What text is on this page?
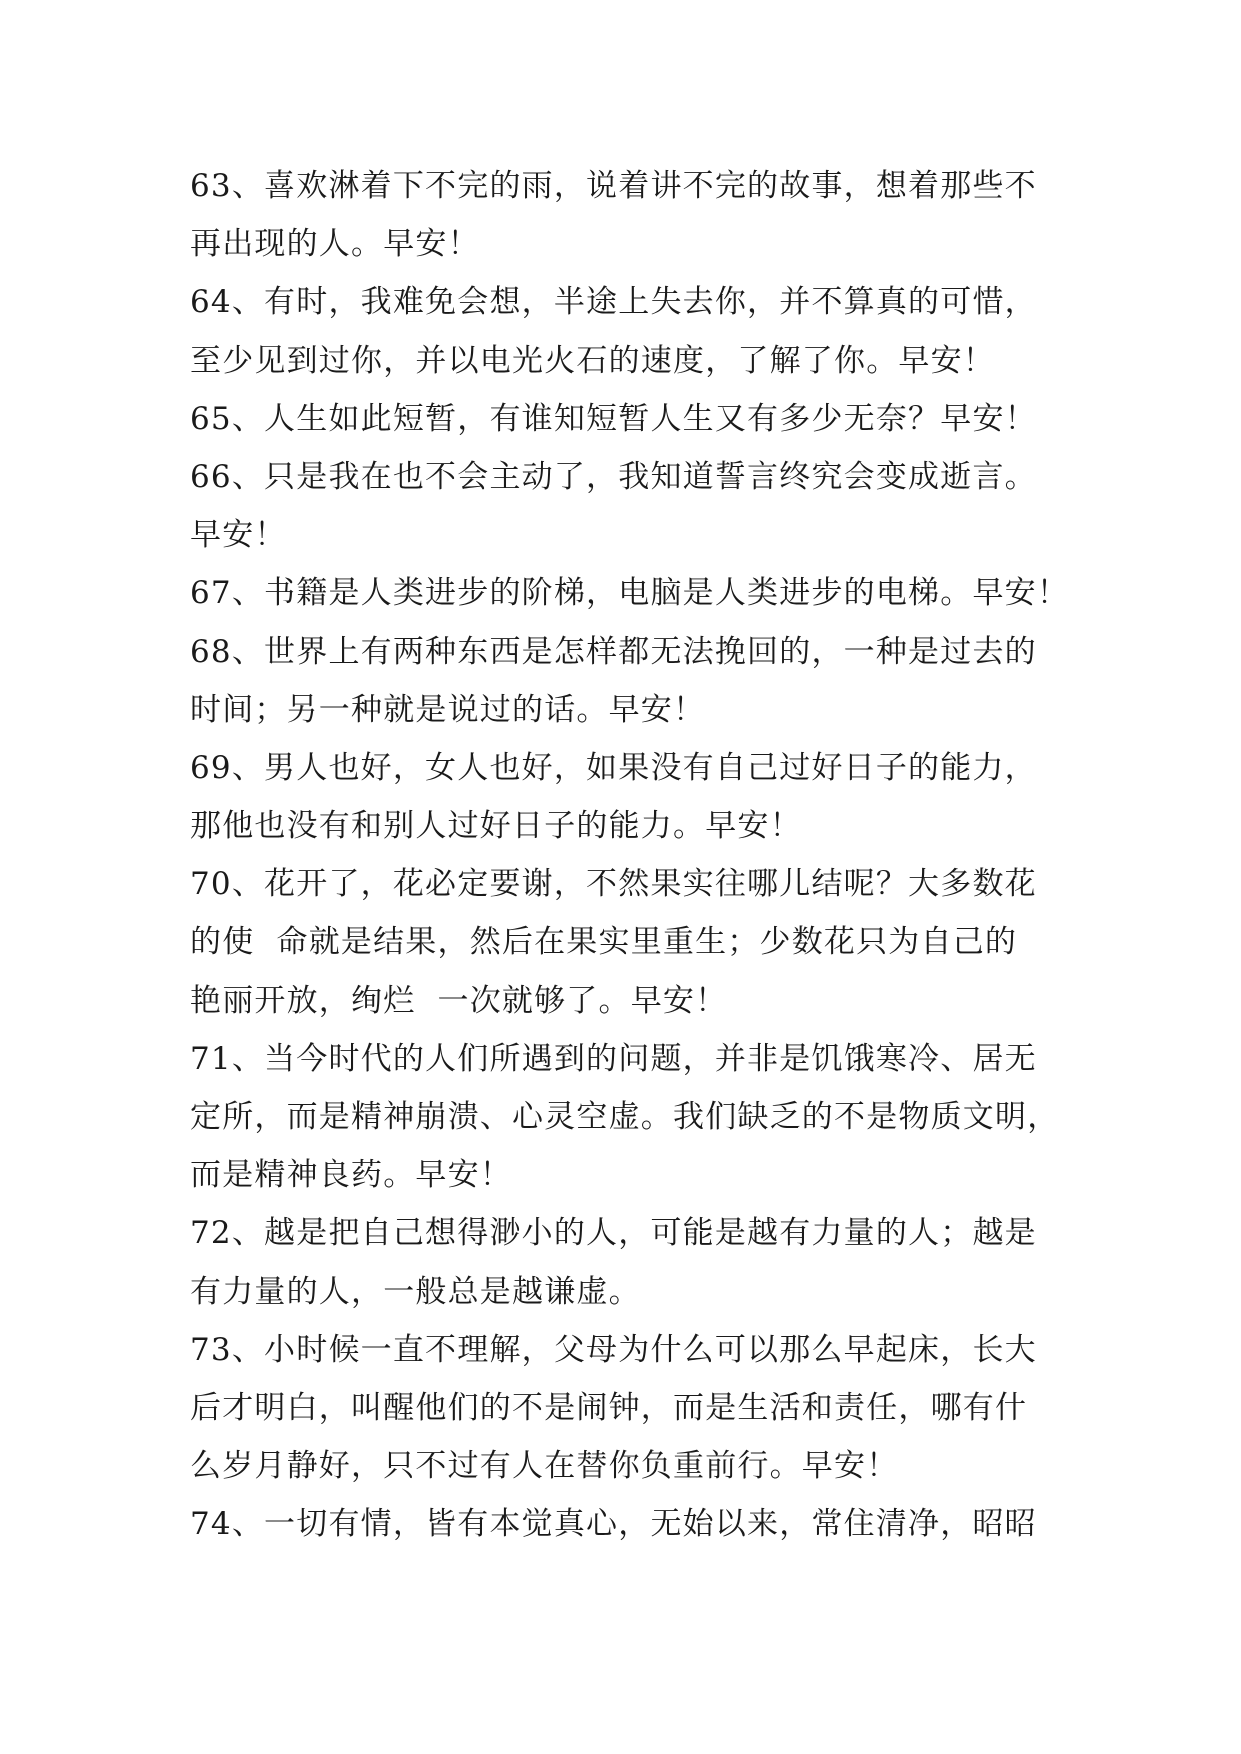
63、喜欢淋着下不完的雨，说着讲不完的故事，想着那些不
再出现的人。早安！
64、有时，我难免会想，半途上失去你，并不算真的可惜，
至少见到过你，并以电光火石的速度，了解了你。早安！
65、人生如此短暂，有谁知短暂人生又有多少无奈？早安！
66、只是我在也不会主动了，我知道誓言终究会变成逝言。
早安！
67、书籍是人类进步的阶梯，电脑是人类进步的电梯。早安！
68、世界上有两种东西是怎样都无法挽回的，一种是过去的
时间；另一种就是说过的话。早安！
69、男人也好，女人也好，如果没有自己过好日子的能力，
那他也没有和别人过好日子的能力。早安！
70、花开了，花必定要谢，不然果实往哪儿结呢？大多数花
的使  命就是结果，然后在果实里重生；少数花只为自己的
艳丽开放，绚烂  一次就够了。早安！
71、当今时代的人们所遇到的问题，并非是饥饿寒冷、居无
定所，而是精神崩溃、心灵空虚。我们缺乏的不是物质文明，
而是精神良药。早安！
72、越是把自己想得渺小的人，可能是越有力量的人；越是
有力量的人，一般总是越谦虚。
73、小时候一直不理解，父母为什么可以那么早起床，长大
后才明白，叫醒他们的不是闹钟，而是生活和责任，哪有什
么岁月静好，只不过有人在替你负重前行。早安！
74、一切有情，皆有本觉真心，无始以来，常住清净，昭昭
